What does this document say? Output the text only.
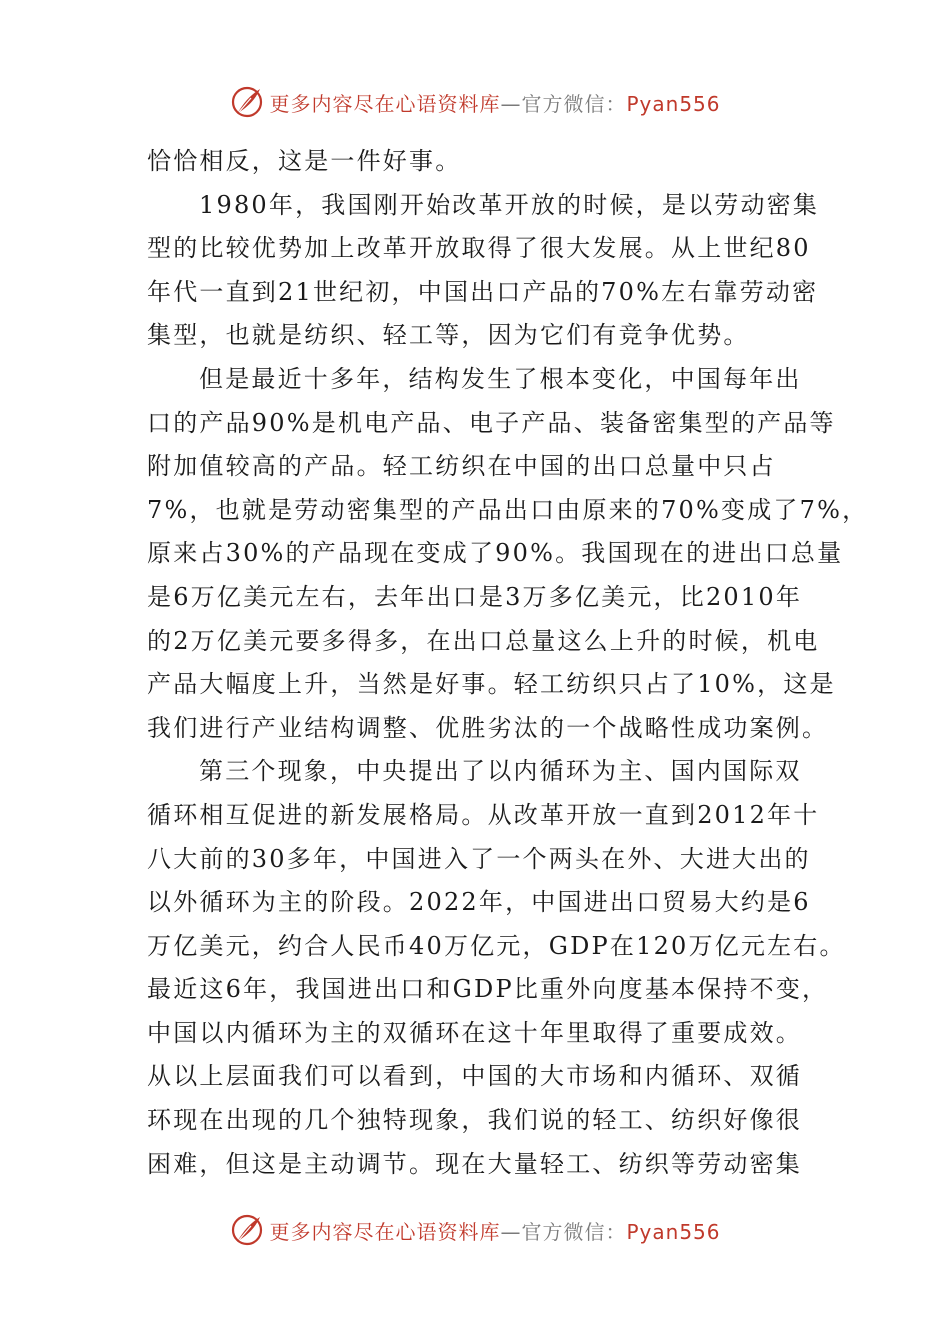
更多内容尽在心语资料库—官方微信：Pyan556
恰恰相反，这是一件好事。
1980年，我国刚开始改革开放的时候，是以劳动密集
型的比较优势加上改革开放取得了很大发展。从上世纪80
年代一直到21世纪初，中国出口产品的70%左右靠劳动密
集型，也就是纺织、轻工等，因为它们有竞争优势。
但是最近十多年，结构发生了根本变化，中国每年出
口的产品90%是机电产品、电子产品、装备密集型的产品等
附加值较高的产品。轻工纺织在中国的出口总量中只占
7%，也就是劳动密集型的产品出口由原来的70%变成了7%，
原来占30%的产品现在变成了90%。我国现在的进出口总量
是6万亿美元左右，去年出口是3万多亿美元，比2010年
的2万亿美元要多得多，在出口总量这么上升的时候，机电
产品大幅度上升，当然是好事。轻工纺织只占了10%，这是
我们进行产业结构调整、优胜劣汰的一个战略性成功案例。
第三个现象，中央提出了以内循环为主、国内国际双
循环相互促进的新发展格局。从改革开放一直到2012年十
八大前的30多年，中国进入了一个两头在外、大进大出的
以外循环为主的阶段。2022年，中国进出口贸易大约是6
万亿美元，约合人民币40万亿元，GDP在120万亿元左右。
最近这6年，我国进出口和GDP比重外向度基本保持不变，
中国以内循环为主的双循环在这十年里取得了重要成效。
从以上层面我们可以看到，中国的大市场和内循环、双循
环现在出现的几个独特现象，我们说的轻工、纺织好像很
困难，但这是主动调节。现在大量轻工、纺织等劳动密集
更多内容尽在心语资料库—官方微信：Pyan556
